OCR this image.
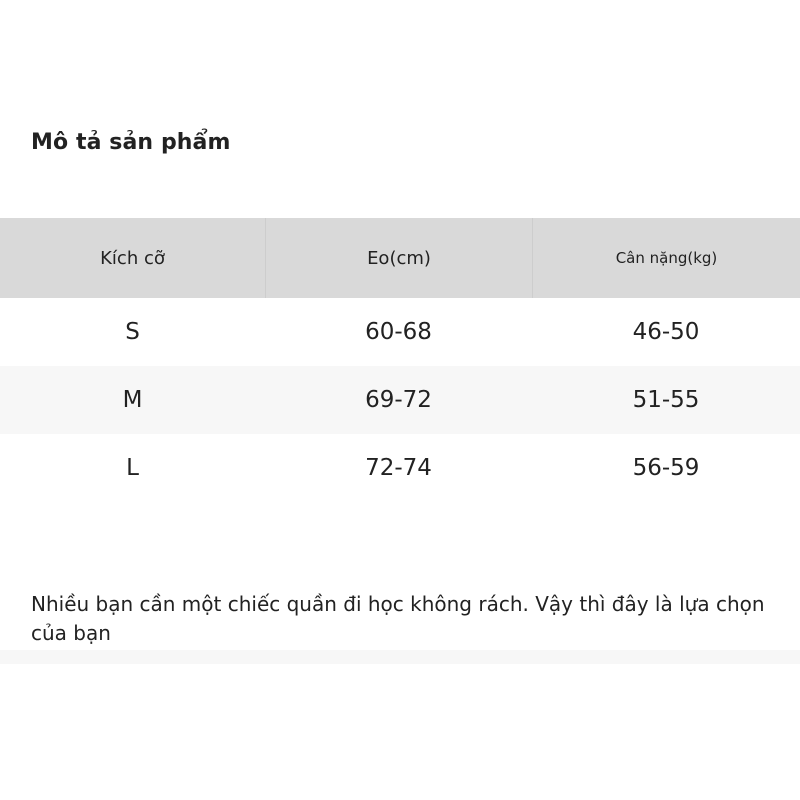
Mô tả sản phẩm
Kích cỡ	Eo(cm)	Cân nặng(kg)
S	60-68	46-50
M	69-72	51-55
L	72-74	56-59
Nhiều bạn cần một chiếc quần đi học không rách. Vậy thì đây là lựa chọn của bạn
